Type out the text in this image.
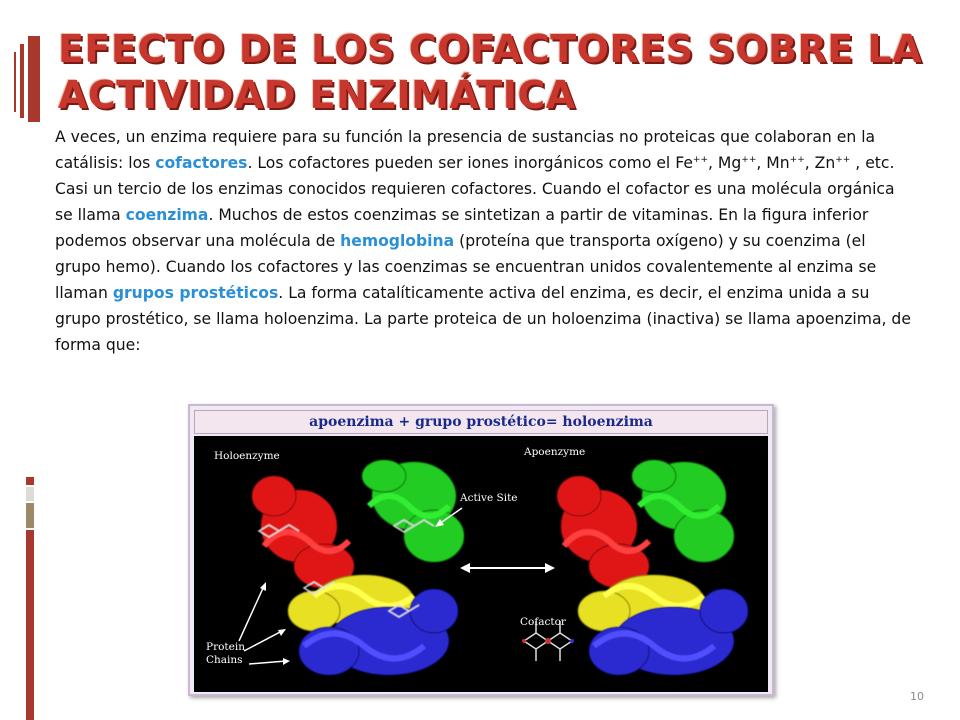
EFECTO DE LOS COFACTORES SOBRE LA
ACTIVIDAD ENZIMÁTICA

A veces, un enzima requiere para su función la presencia de sustancias no proteicas que colaboran en la catálisis: los cofactores. Los cofactores pueden ser iones inorgánicos como el Fe++, Mg++, Mn++, Zn++ , etc. Casi un tercio de los enzimas conocidos requieren cofactores. Cuando el cofactor es una molécula orgánica se llama coenzima. Muchos de estos coenzimas se sintetizan a partir de vitaminas. En la figura inferior podemos observar una molécula de hemoglobina (proteína que transporta oxígeno) y su coenzima (el grupo hemo). Cuando los cofactores y las coenzimas se encuentran unidos covalentemente al enzima se llaman grupos prostéticos. La forma catalíticamente activa del enzima, es decir, el enzima unida a su grupo prostético, se llama holoenzima. La parte proteica de un holoenzima (inactiva) se llama apoenzima, de forma que:

apoenzima + grupo prostético= holoenzima
Holoenzyme	Apoenzyme
Active Site
Cofactor
Protein
Chains
10
